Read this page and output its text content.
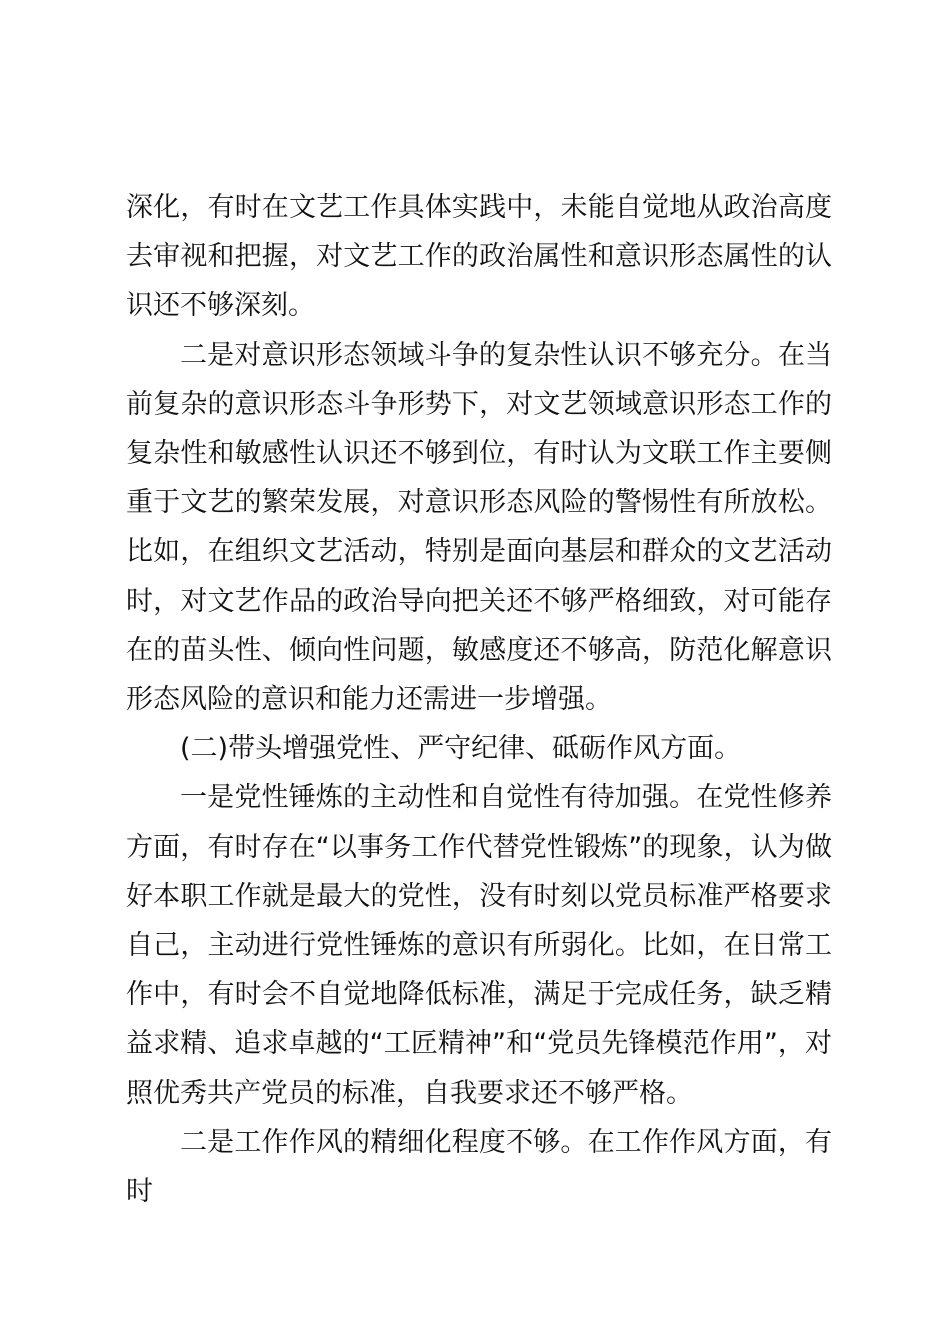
深化，有时在文艺工作具体实践中，未能自觉地从政治高度去审视和把握，对文艺工作的政治属性和意识形态属性的认识还不够深刻。

二是对意识形态领域斗争的复杂性认识不够充分。在当前复杂的意识形态斗争形势下，对文艺领域意识形态工作的复杂性和敏感性认识还不够到位，有时认为文联工作主要侧重于文艺的繁荣发展，对意识形态风险的警惕性有所放松。比如，在组织文艺活动，特别是面向基层和群众的文艺活动时，对文艺作品的政治导向把关还不够严格细致，对可能存在的苗头性、倾向性问题，敏感度还不够高，防范化解意识形态风险的意识和能力还需进一步增强。

(二)带头增强党性、严守纪律、砥砺作风方面。

一是党性锤炼的主动性和自觉性有待加强。在党性修养方面，有时存在“以事务工作代替党性锻炼”的现象，认为做好本职工作就是最大的党性，没有时刻以党员标准严格要求自己，主动进行党性锤炼的意识有所弱化。比如，在日常工作中，有时会不自觉地降低标准，满足于完成任务，缺乏精益求精、追求卓越的“工匠精神”和“党员先锋模范作用”，对照优秀共产党员的标准，自我要求还不够严格。

二是工作作风的精细化程度不够。在工作作风方面，有时
